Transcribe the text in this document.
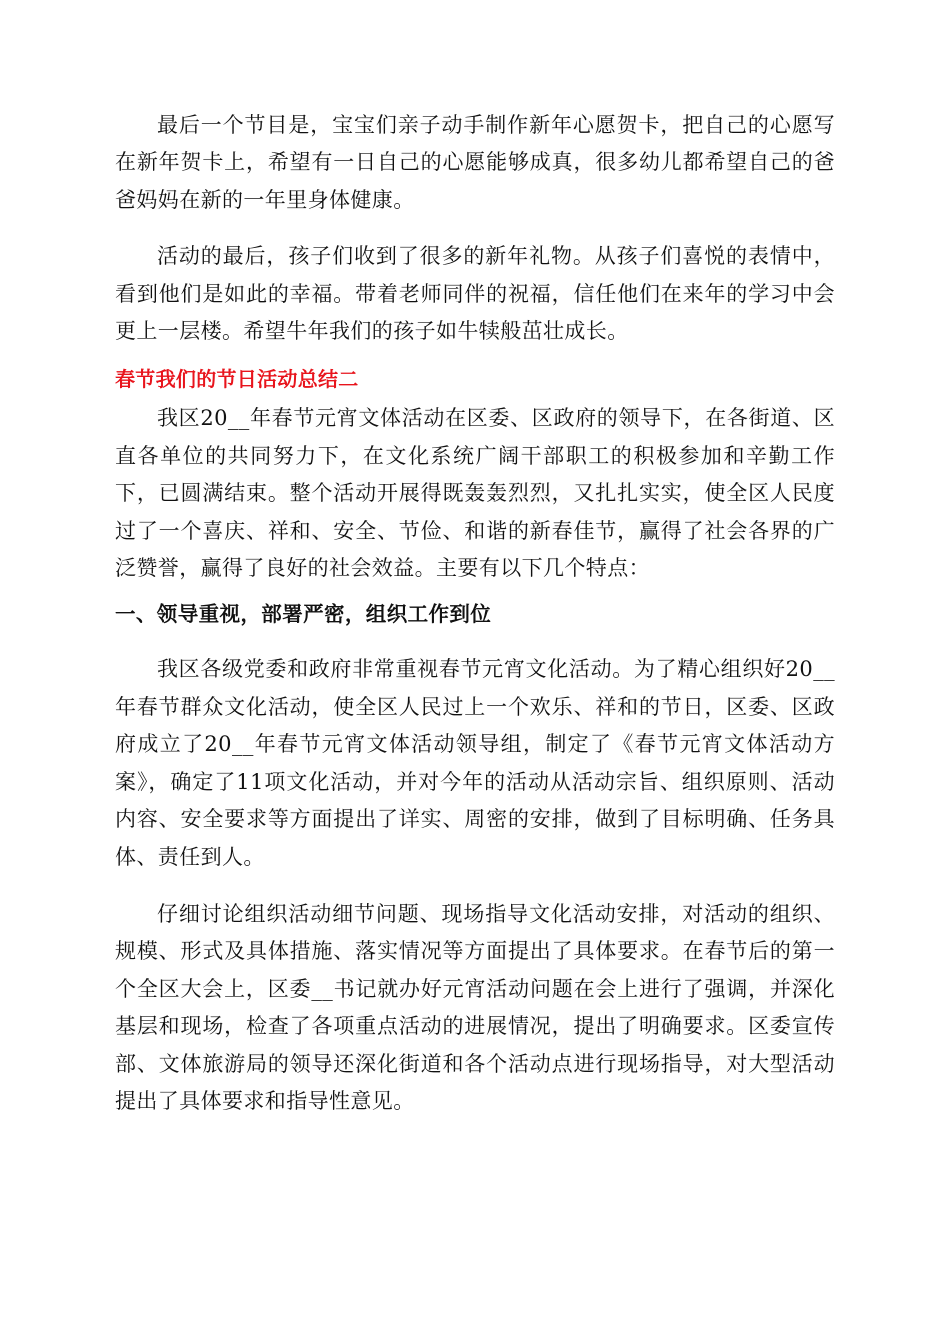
最后一个节目是，宝宝们亲子动手制作新年心愿贺卡，把自己的心愿写在新年贺卡上，希望有一日自己的心愿能够成真，很多幼儿都希望自己的爸爸妈妈在新的一年里身体健康。

活动的最后，孩子们收到了很多的新年礼物。从孩子们喜悦的表情中，看到他们是如此的幸福。带着老师同伴的祝福，信任他们在来年的学习中会更上一层楼。希望牛年我们的孩子如牛犊般茁壮成长。

春节我们的节日活动总结二

我区20__年春节元宵文体活动在区委、区政府的领导下，在各街道、区直各单位的共同努力下，在文化系统广阔干部职工的积极参加和辛勤工作下，已圆满结束。整个活动开展得既轰轰烈烈，又扎扎实实，使全区人民度过了一个喜庆、祥和、安全、节俭、和谐的新春佳节，赢得了社会各界的广泛赞誉，赢得了良好的社会效益。主要有以下几个特点：

一、领导重视，部署严密，组织工作到位

我区各级党委和政府非常重视春节元宵文化活动。为了精心组织好20__年春节群众文化活动，使全区人民过上一个欢乐、祥和的节日，区委、区政府成立了20__年春节元宵文体活动领导组，制定了《春节元宵文体活动方案》，确定了11项文化活动，并对今年的活动从活动宗旨、组织原则、活动内容、安全要求等方面提出了详实、周密的安排，做到了目标明确、任务具体、责任到人。

仔细讨论组织活动细节问题、现场指导文化活动安排，对活动的组织、规模、形式及具体措施、落实情况等方面提出了具体要求。在春节后的第一个全区大会上，区委__书记就办好元宵活动问题在会上进行了强调，并深化基层和现场，检查了各项重点活动的进展情况，提出了明确要求。区委宣传部、文体旅游局的领导还深化街道和各个活动点进行现场指导，对大型活动提出了具体要求和指导性意见。
